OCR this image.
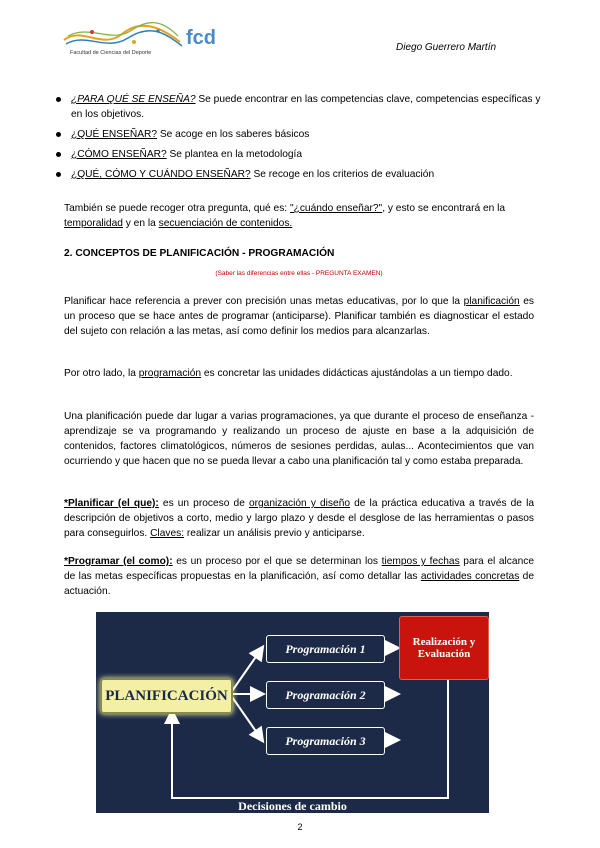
fcd
Facultad de Ciencias del Deporte	Diego Guerrero Martín
¿PARA QUÉ SE ENSEÑA? Se puede encontrar en las competencias clave, competencias específicas y en los objetivos.
¿QUÉ ENSEÑAR? Se acoge en los saberes básicos
¿CÓMO ENSEÑAR? Se plantea en la metodología
¿QUÉ, CÓMO Y CUÁNDO ENSEÑAR? Se recoge en los criterios de evaluación

También se puede recoger otra pregunta, qué es: "¿cuándo enseñar?", y esto se encontrará en la temporalidad y en la secuenciación de contenidos.

2. CONCEPTOS DE PLANIFICACIÓN - PROGRAMACIÓN
(Saber las diferencias entre ellas - PREGUNTA EXAMEN)

Planificar hace referencia a prever con precisión unas metas educativas, por lo que la planificación es un proceso que se hace antes de programar (anticiparse). Planificar también es diagnosticar el estado del sujeto con relación a las metas, así como definir los medios para alcanzarlas.

Por otro lado, la programación es concretar las unidades didácticas ajustándolas a un tiempo dado.

Una planificación puede dar lugar a varias programaciones, ya que durante el proceso de enseñanza - aprendizaje se va programando y realizando un proceso de ajuste en base a la adquisición de contenidos, factores climatológicos, números de sesiones perdidas, aulas... Acontecimientos que van ocurriendo y que hacen que no se pueda llevar a cabo una planificación tal y como estaba preparada.

*Planificar (el que): es un proceso de organización y diseño de la práctica educativa a través de la descripción de objetivos a corto, medio y largo plazo y desde el desglose de las herramientas o pasos para conseguirlos. Claves: realizar un análisis previo y anticiparse.

*Programar (el como): es un proceso por el que se determinan los tiempos y fechas para el alcance de las metas específicas propuestas en la planificación, así como detallar las actividades concretas de actuación.

PLANIFICACIÓN
Programación 1
Programación 2
Programación 3
Realización y
Evaluación
Decisiones de cambio
2
